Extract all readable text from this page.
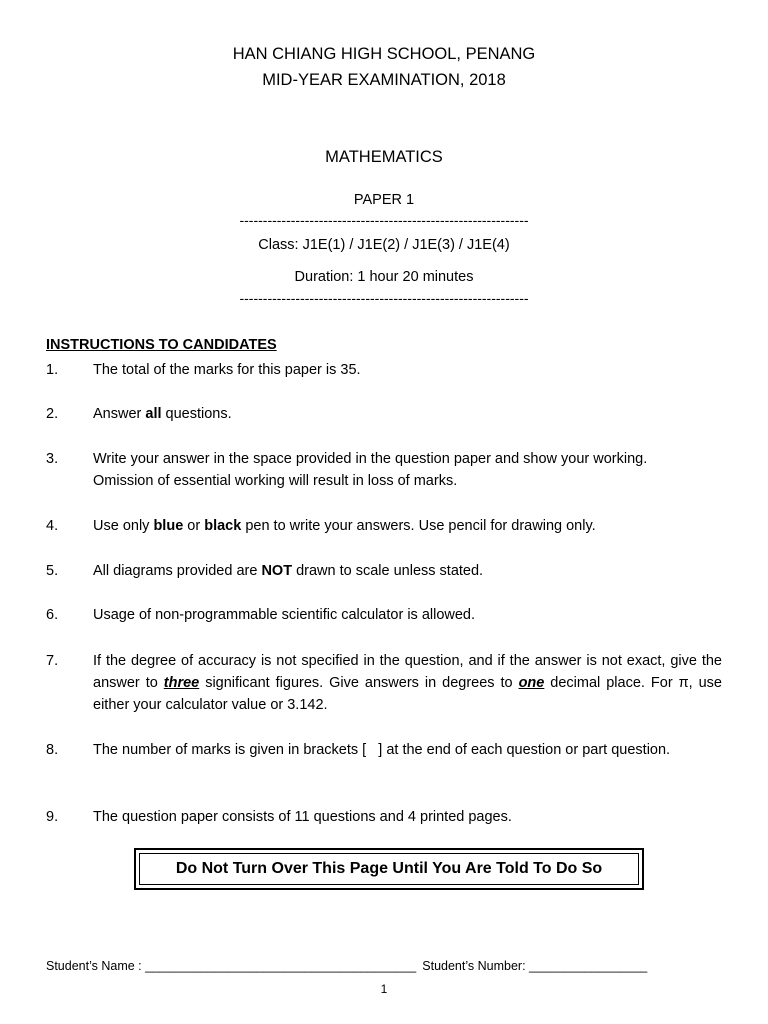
HAN CHIANG HIGH SCHOOL, PENANG
MID-YEAR EXAMINATION, 2018
MATHEMATICS
PAPER 1
--------------------------------------------------------------
Class: J1E(1) / J1E(2) / J1E(3) / J1E(4)
Duration: 1 hour 20 minutes
--------------------------------------------------------------
INSTRUCTIONS TO CANDIDATES
1. The total of the marks for this paper is 35.
2. Answer all questions.
3. Write your answer in the space provided in the question paper and show your working.

Omission of essential working will result in loss of marks.

4. Use only blue or black pen to write your answers. Use pencil for drawing only.
5. All diagrams provided are NOT drawn to scale unless stated.
6. Usage of non-programmable scientific calculator is allowed.
7. If the degree of accuracy is not specified in the question, and if the answer is not exact, give the answer to three significant figures. Give answers in degrees to one decimal place. For π, use either your calculator value or 3.142.
8. The number of marks is given in brackets [   ] at the end of each question or part question.
9. The question paper consists of 11 questions and 4 printed pages.
Do Not Turn Over This Page Until You Are Told To Do So
Student’s Name : _______________________________________ Student’s Number: _________________
1
